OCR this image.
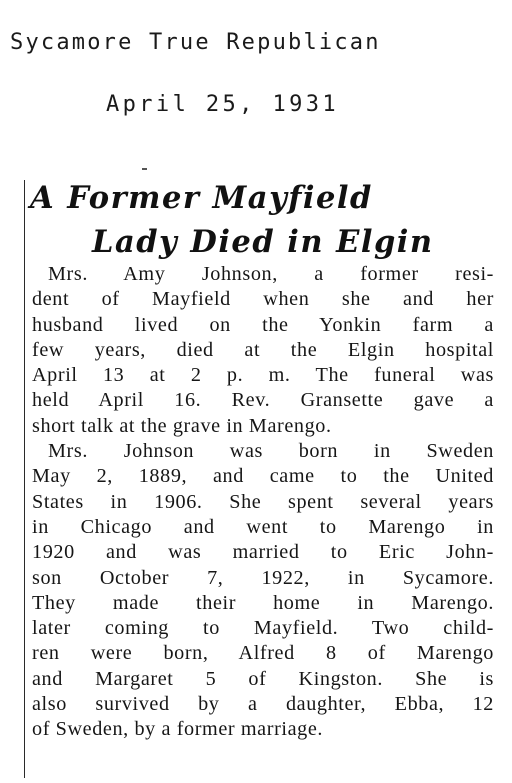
Sycamore True Republican
April 25, 1931
A Former Mayfield
Lady Died in Elgin
Mrs. Amy Johnson, a former resi-
dent of Mayfield when she and her
husband lived on the Yonkin farm a
few years, died at the Elgin hospital
April 13 at 2 p. m. The funeral was
held April 16. Rev. Gransette gave a
short talk at the grave in Marengo.
Mrs. Johnson was born in Sweden
May 2, 1889, and came to the United
States in 1906. She spent several years
in Chicago and went to Marengo in
1920 and was married to Eric John-
son October 7, 1922, in Sycamore.
They made their home in Marengo.
later coming to Mayfield. Two child-
ren were born, Alfred 8 of Marengo
and Margaret 5 of Kingston. She is
also survived by a daughter, Ebba, 12
of Sweden, by a former marriage.
